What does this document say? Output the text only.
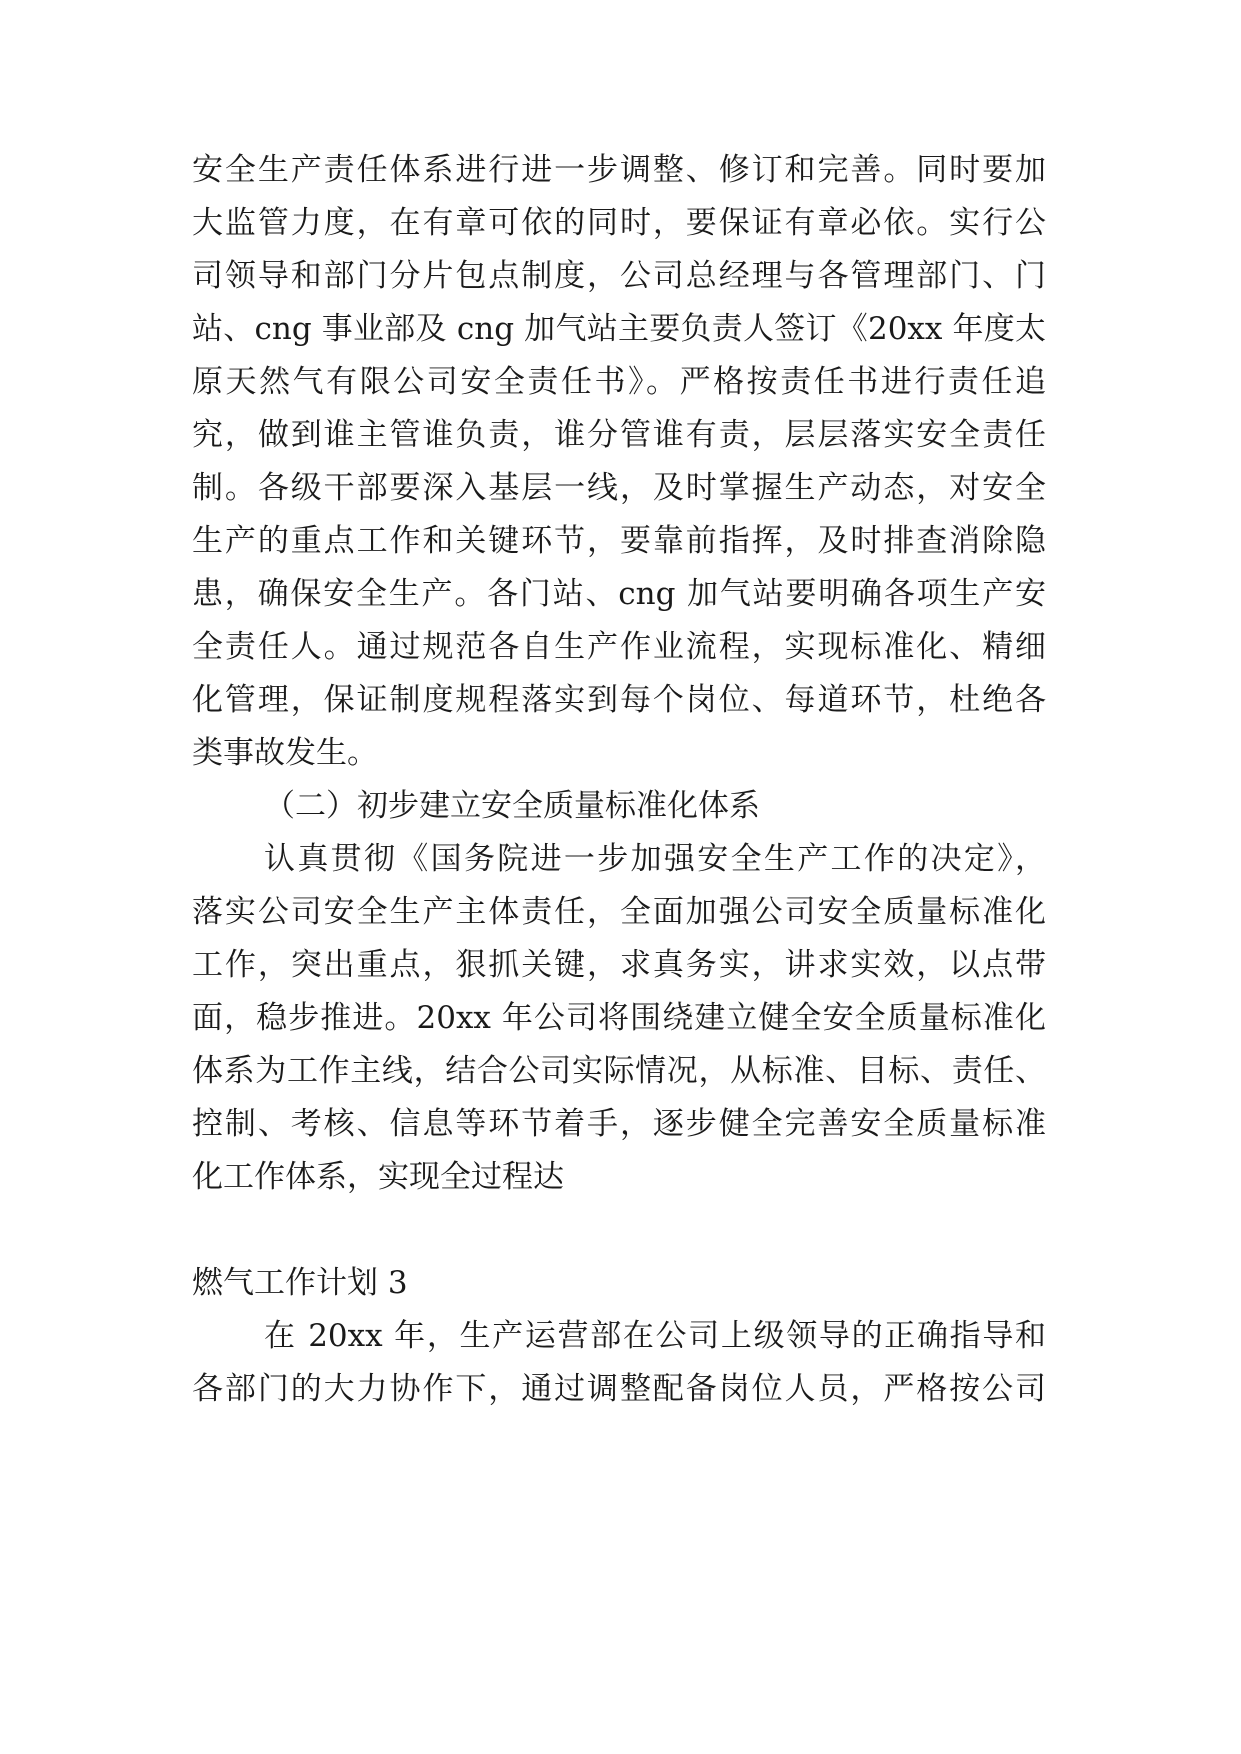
安全生产责任体系进行进一步调整、修订和完善。同时要加

大监管力度，在有章可依的同时，要保证有章必依。实行公

司领导和部门分片包点制度，公司总经理与各管理部门、门

站、cng 事业部及 cng 加气站主要负责人签订《20xx 年度太

原天然气有限公司安全责任书》。严格按责任书进行责任追

究，做到谁主管谁负责，谁分管谁有责，层层落实安全责任

制。各级干部要深入基层一线，及时掌握生产动态，对安全

生产的重点工作和关键环节，要靠前指挥，及时排查消除隐

患，确保安全生产。各门站、cng 加气站要明确各项生产安

全责任人。通过规范各自生产作业流程，实现标准化、精细

化管理，保证制度规程落实到每个岗位、每道环节，杜绝各

类事故发生。

（二）初步建立安全质量标准化体系

认真贯彻《国务院进一步加强安全生产工作的决定》，

落实公司安全生产主体责任，全面加强公司安全质量标准化

工作，突出重点，狠抓关键，求真务实，讲求实效，以点带

面，稳步推进。20xx 年公司将围绕建立健全安全质量标准化

体系为工作主线，结合公司实际情况，从标准、目标、责任、

控制、考核、信息等环节着手，逐步健全完善安全质量标准

化工作体系，实现全过程达

燃气工作计划 3

在 20xx 年，生产运营部在公司上级领导的正确指导和

各部门的大力协作下，通过调整配备岗位人员，严格按公司
